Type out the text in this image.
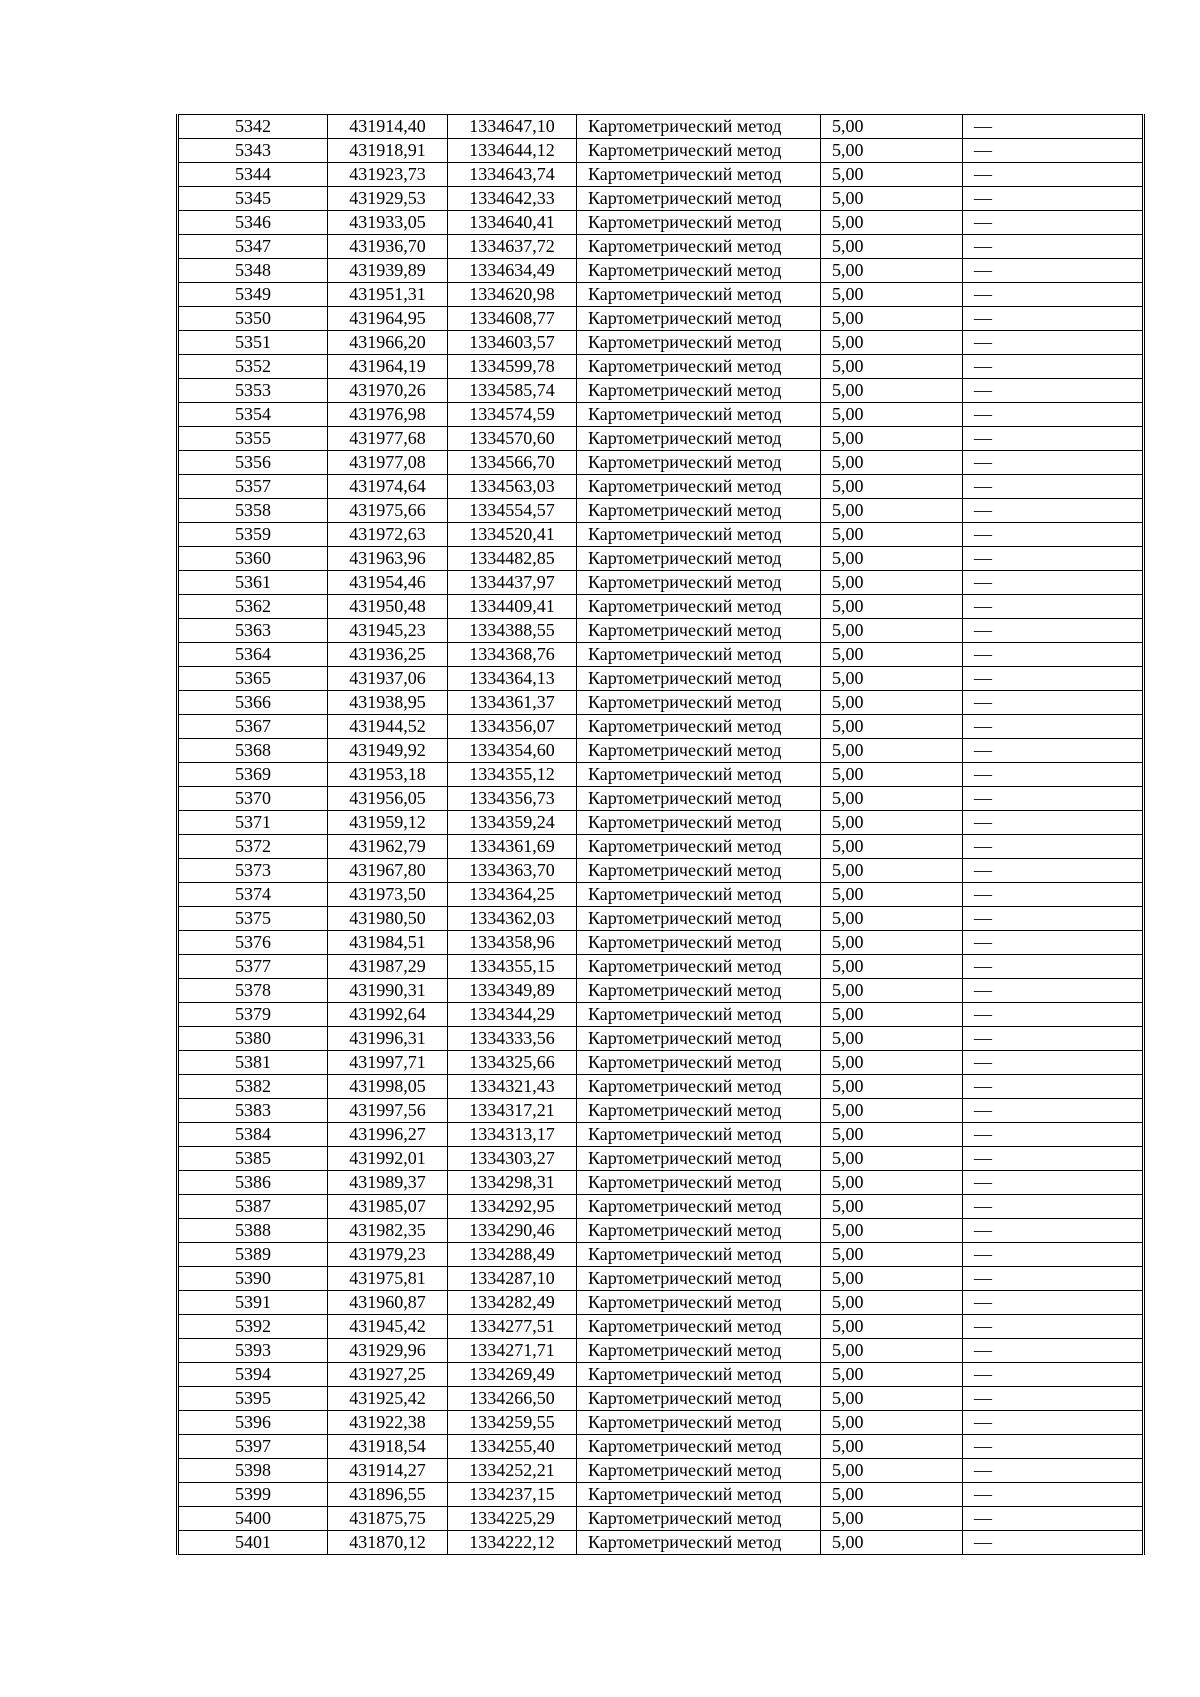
5342	431914,40	1334647,10	Картометрический метод	5,00	—
5343	431918,91	1334644,12	Картометрический метод	5,00	—
5344	431923,73	1334643,74	Картометрический метод	5,00	—
5345	431929,53	1334642,33	Картометрический метод	5,00	—
5346	431933,05	1334640,41	Картометрический метод	5,00	—
5347	431936,70	1334637,72	Картометрический метод	5,00	—
5348	431939,89	1334634,49	Картометрический метод	5,00	—
5349	431951,31	1334620,98	Картометрический метод	5,00	—
5350	431964,95	1334608,77	Картометрический метод	5,00	—
5351	431966,20	1334603,57	Картометрический метод	5,00	—
5352	431964,19	1334599,78	Картометрический метод	5,00	—
5353	431970,26	1334585,74	Картометрический метод	5,00	—
5354	431976,98	1334574,59	Картометрический метод	5,00	—
5355	431977,68	1334570,60	Картометрический метод	5,00	—
5356	431977,08	1334566,70	Картометрический метод	5,00	—
5357	431974,64	1334563,03	Картометрический метод	5,00	—
5358	431975,66	1334554,57	Картометрический метод	5,00	—
5359	431972,63	1334520,41	Картометрический метод	5,00	—
5360	431963,96	1334482,85	Картометрический метод	5,00	—
5361	431954,46	1334437,97	Картометрический метод	5,00	—
5362	431950,48	1334409,41	Картометрический метод	5,00	—
5363	431945,23	1334388,55	Картометрический метод	5,00	—
5364	431936,25	1334368,76	Картометрический метод	5,00	—
5365	431937,06	1334364,13	Картометрический метод	5,00	—
5366	431938,95	1334361,37	Картометрический метод	5,00	—
5367	431944,52	1334356,07	Картометрический метод	5,00	—
5368	431949,92	1334354,60	Картометрический метод	5,00	—
5369	431953,18	1334355,12	Картометрический метод	5,00	—
5370	431956,05	1334356,73	Картометрический метод	5,00	—
5371	431959,12	1334359,24	Картометрический метод	5,00	—
5372	431962,79	1334361,69	Картометрический метод	5,00	—
5373	431967,80	1334363,70	Картометрический метод	5,00	—
5374	431973,50	1334364,25	Картометрический метод	5,00	—
5375	431980,50	1334362,03	Картометрический метод	5,00	—
5376	431984,51	1334358,96	Картометрический метод	5,00	—
5377	431987,29	1334355,15	Картометрический метод	5,00	—
5378	431990,31	1334349,89	Картометрический метод	5,00	—
5379	431992,64	1334344,29	Картометрический метод	5,00	—
5380	431996,31	1334333,56	Картометрический метод	5,00	—
5381	431997,71	1334325,66	Картометрический метод	5,00	—
5382	431998,05	1334321,43	Картометрический метод	5,00	—
5383	431997,56	1334317,21	Картометрический метод	5,00	—
5384	431996,27	1334313,17	Картометрический метод	5,00	—
5385	431992,01	1334303,27	Картометрический метод	5,00	—
5386	431989,37	1334298,31	Картометрический метод	5,00	—
5387	431985,07	1334292,95	Картометрический метод	5,00	—
5388	431982,35	1334290,46	Картометрический метод	5,00	—
5389	431979,23	1334288,49	Картометрический метод	5,00	—
5390	431975,81	1334287,10	Картометрический метод	5,00	—
5391	431960,87	1334282,49	Картометрический метод	5,00	—
5392	431945,42	1334277,51	Картометрический метод	5,00	—
5393	431929,96	1334271,71	Картометрический метод	5,00	—
5394	431927,25	1334269,49	Картометрический метод	5,00	—
5395	431925,42	1334266,50	Картометрический метод	5,00	—
5396	431922,38	1334259,55	Картометрический метод	5,00	—
5397	431918,54	1334255,40	Картометрический метод	5,00	—
5398	431914,27	1334252,21	Картометрический метод	5,00	—
5399	431896,55	1334237,15	Картометрический метод	5,00	—
5400	431875,75	1334225,29	Картометрический метод	5,00	—
5401	431870,12	1334222,12	Картометрический метод	5,00	—
